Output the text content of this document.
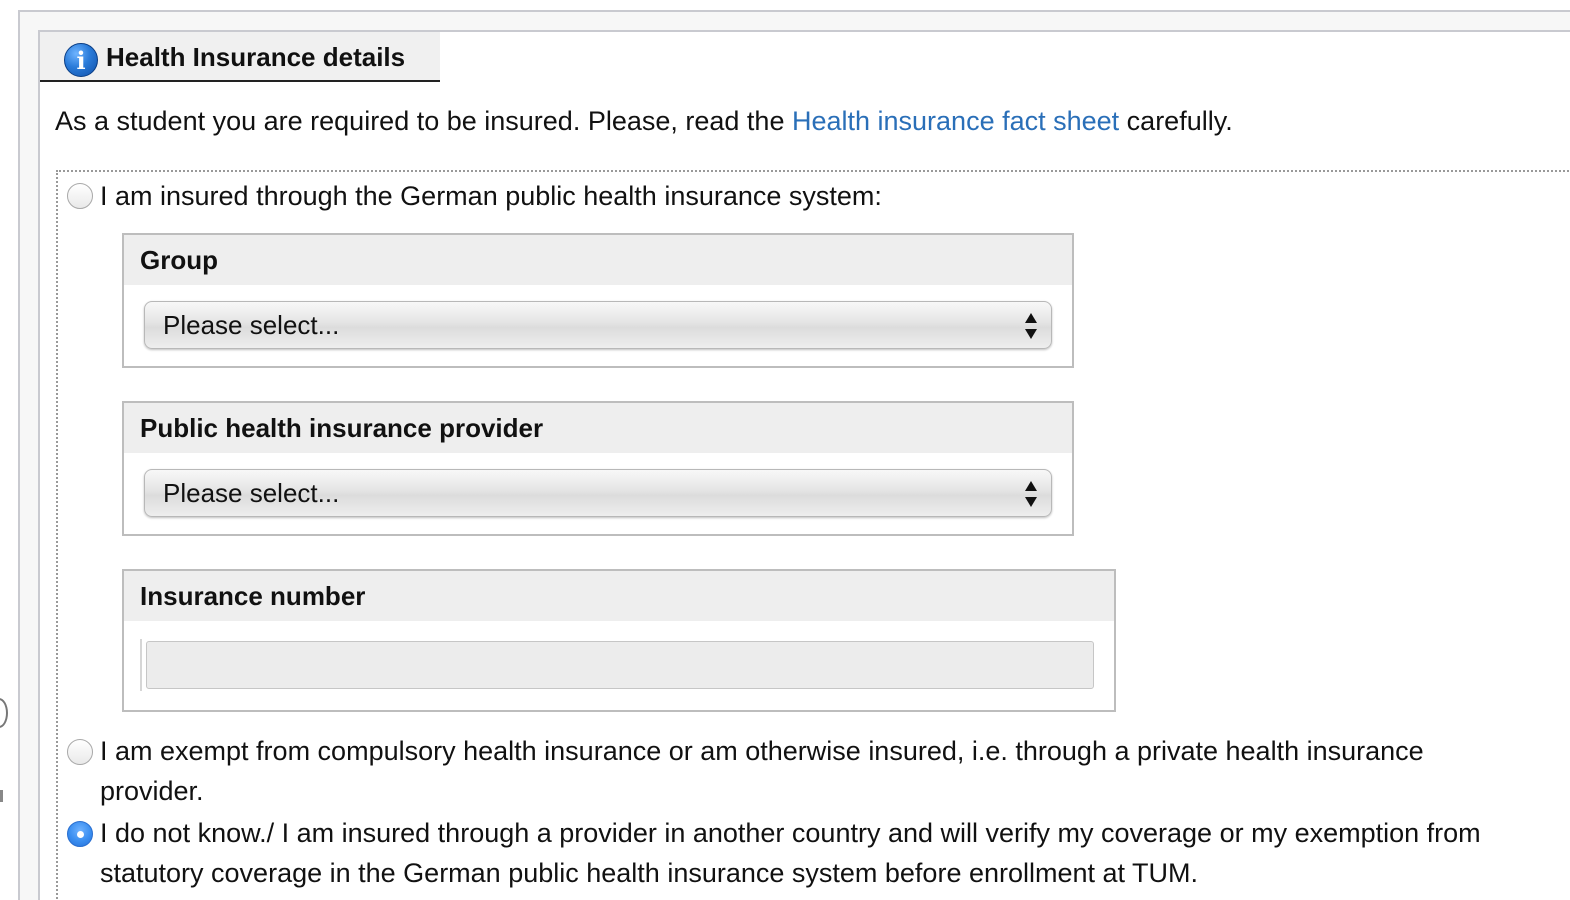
i Health Insurance details
As a student you are required to be insured. Please, read the Health insurance fact sheet carefully.
I am insured through the German public health insurance system:
Group
Please select...
Public health insurance provider
Please select...
Insurance number
I am exempt from compulsory health insurance or am otherwise insured, i.e. through a private health insurance provider.
I do not know./ I am insured through a provider in another country and will verify my coverage or my exemption from statutory coverage in the German public health insurance system before enrollment at TUM.
